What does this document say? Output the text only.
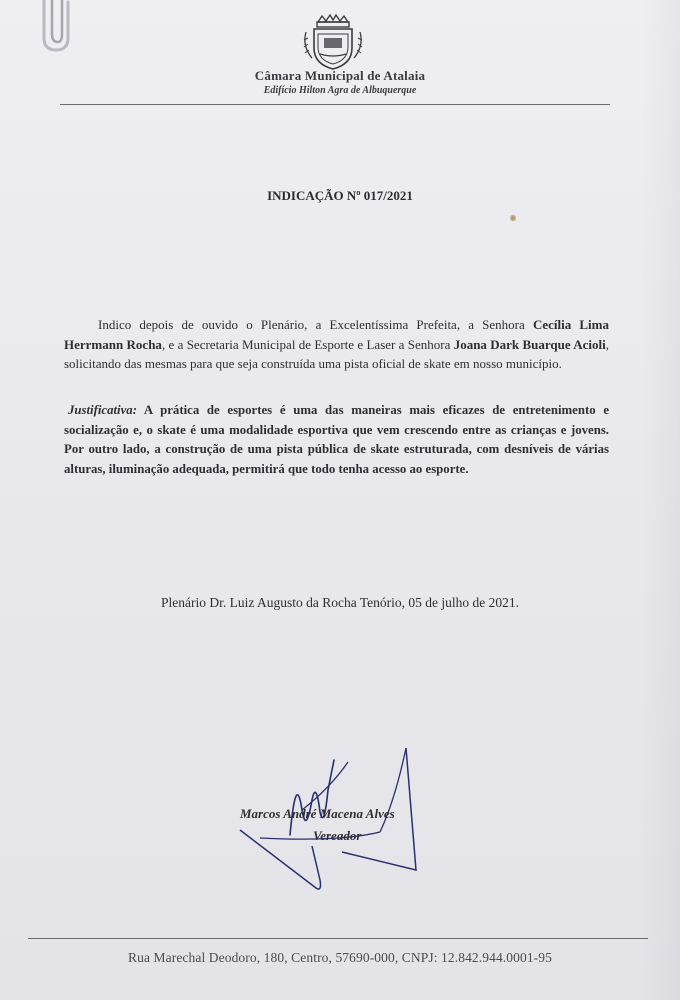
Câmara Municipal de Atalaia
Edifício Hilton Agra de Albuquerque
INDICAÇÃO Nº 017/2021
Indico depois de ouvido o Plenário, a Excelentíssima Prefeita, a Senhora Cecília Lima Herrmann Rocha, e a Secretaria Municipal de Esporte e Laser a Senhora Joana Dark Buarque Acioli, solicitando das mesmas para que seja construída uma pista oficial de skate em nosso município.
Justificativa: A prática de esportes é uma das maneiras mais eficazes de entretenimento e socialização e, o skate é uma modalidade esportiva que vem crescendo entre as crianças e jovens. Por outro lado, a construção de uma pista pública de skate estruturada, com desníveis de várias alturas, iluminação adequada, permitirá que todo tenha acesso ao esporte.
Plenário Dr. Luiz Augusto da Rocha Tenório, 05 de julho de 2021.
Marcos André Macena Alves
Vereador
Rua Marechal Deodoro, 180, Centro, 57690-000, CNPJ: 12.842.944.0001-95
